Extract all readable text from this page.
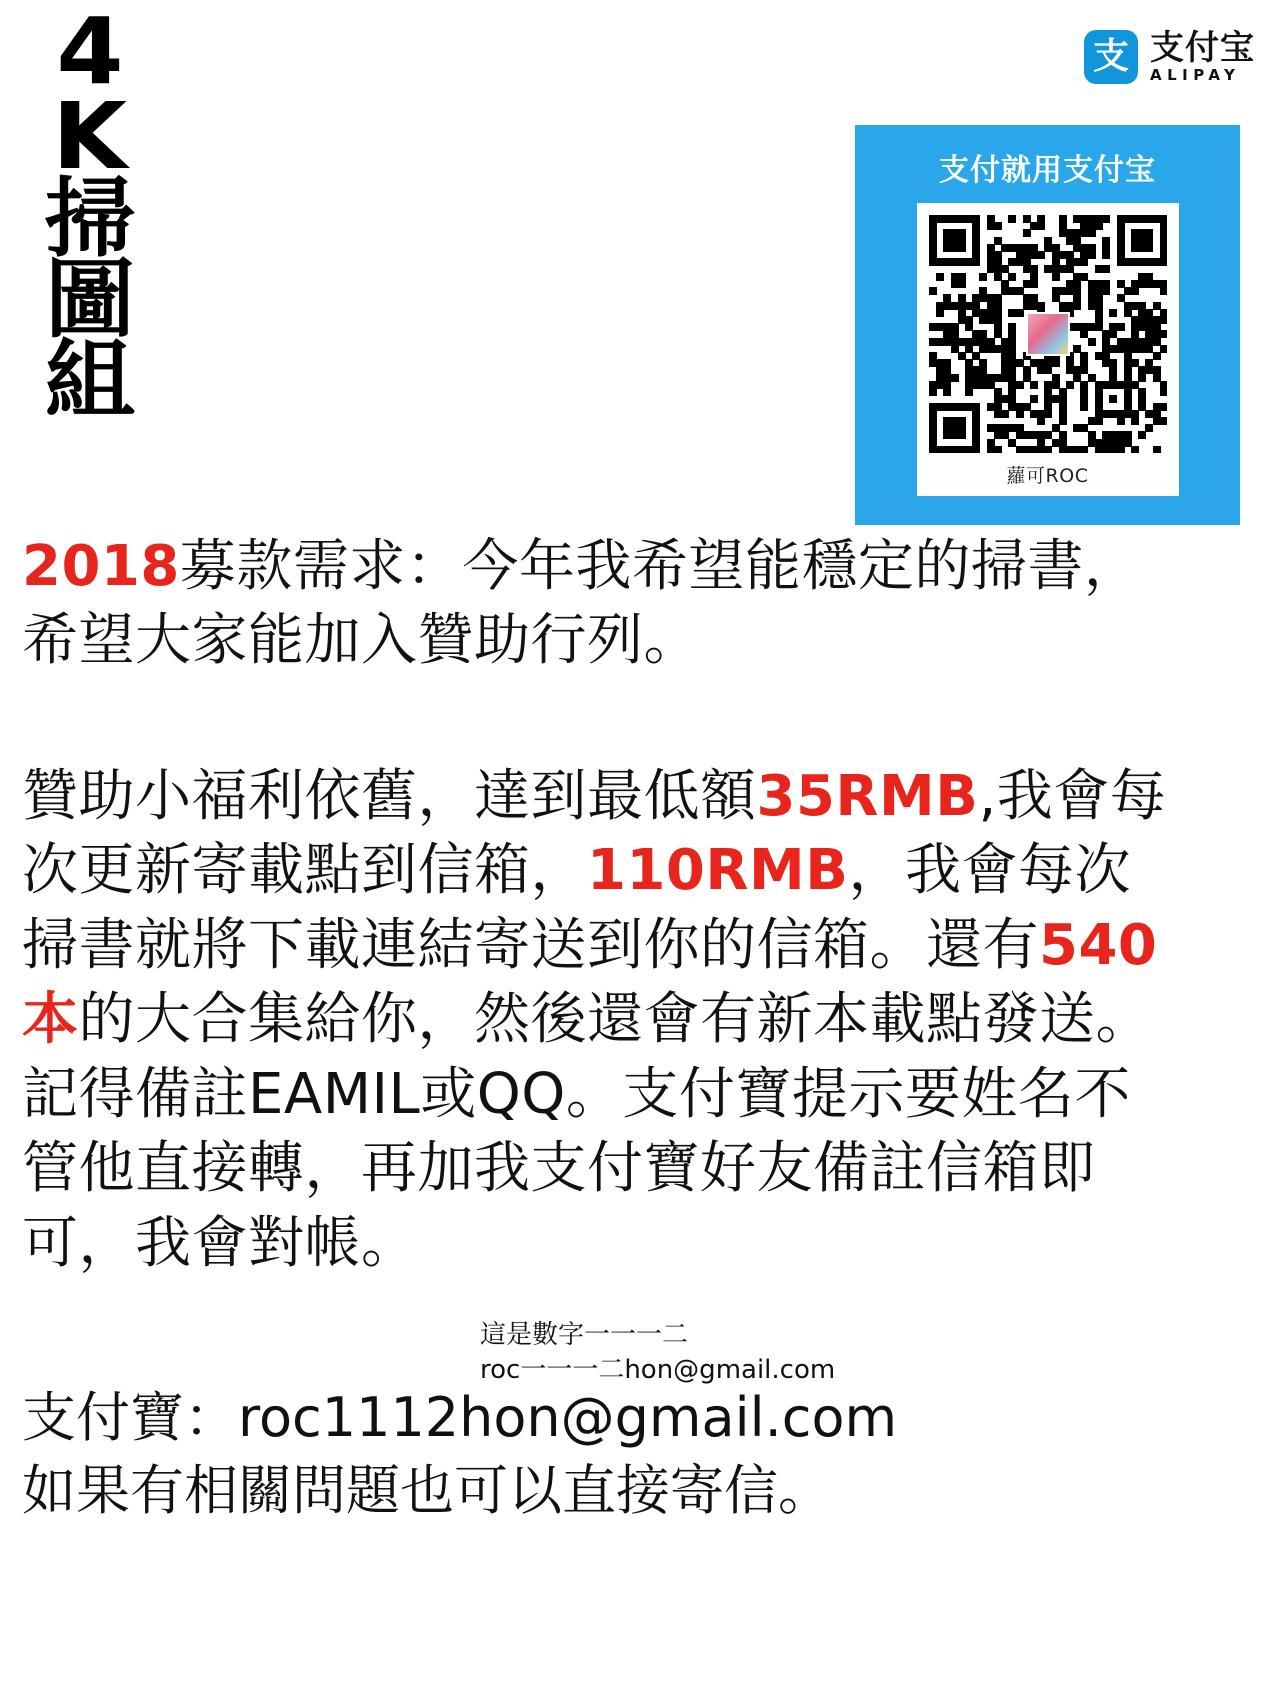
4
K
掃
圖
組
支 支付宝
ALIPAY
支付就用支付宝
蘿可ROC
2018募款需求：今年我希望能穩定的掃書，希望大家能加入贊助行列。
贊助小福利依舊，達到最低額35RMB,我會每次更新寄載點到信箱，110RMB，我會每次掃書就將下載連結寄送到你的信箱。還有540本的大合集給你，然後還會有新本載點發送。記得備註EAMIL或QQ。支付寶提示要姓名不管他直接轉，再加我支付寶好友備註信箱即可，我會對帳。
這是數字一一一二
roc一一一二hon@gmail.com
支付寶：roc1112hon@gmail.com
如果有相關問題也可以直接寄信。
